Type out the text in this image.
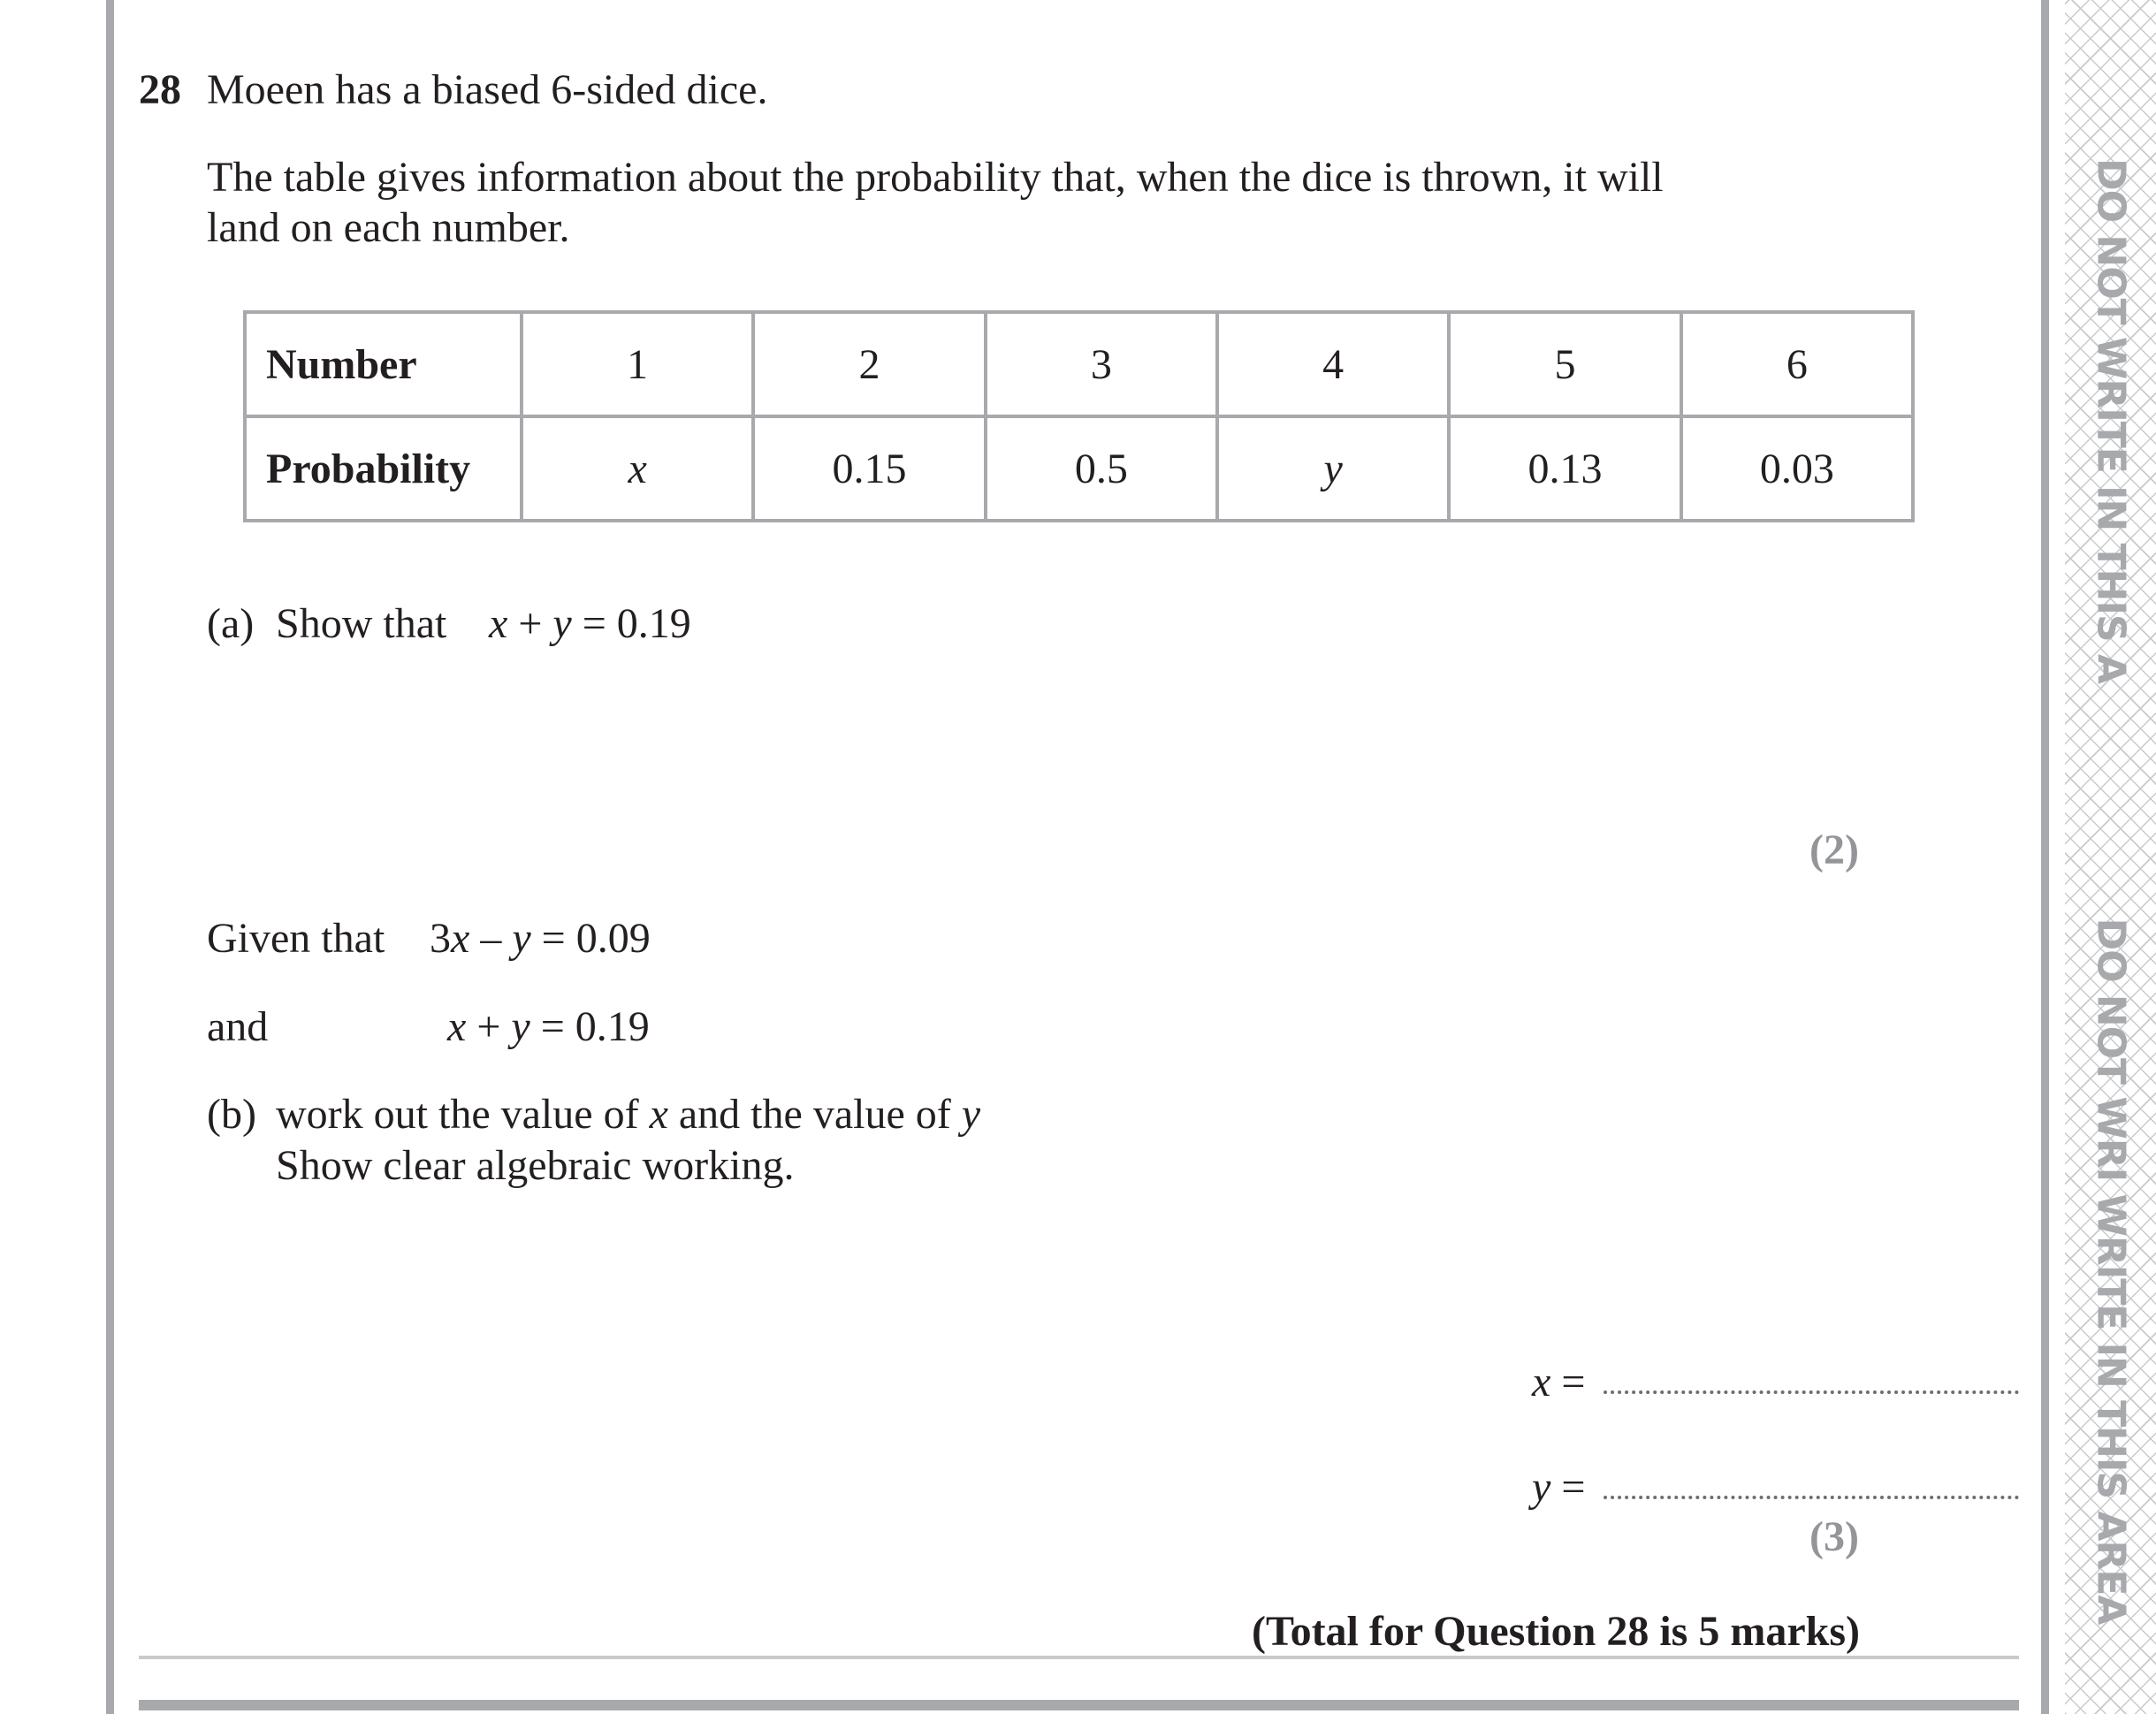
DO NOT WRITE IN THIS A
DO NOT WRI WRITE IN THIS AREA
28 Moeen has a biased 6-sided dice.
The table gives information about the probability that, when the dice is thrown, it will
land on each number.
Number	1	2	3	4	5	6
Probability	x	0.15	0.5	y	0.13	0.03
(a) Show that x + y = 0.19
(2)
Given that 3x – y = 0.09
and	x + y = 0.19
(b) work out the value of x and the value of y
Show clear algebraic working.
x =
y =
(3)
(Total for Question 28 is 5 marks)
